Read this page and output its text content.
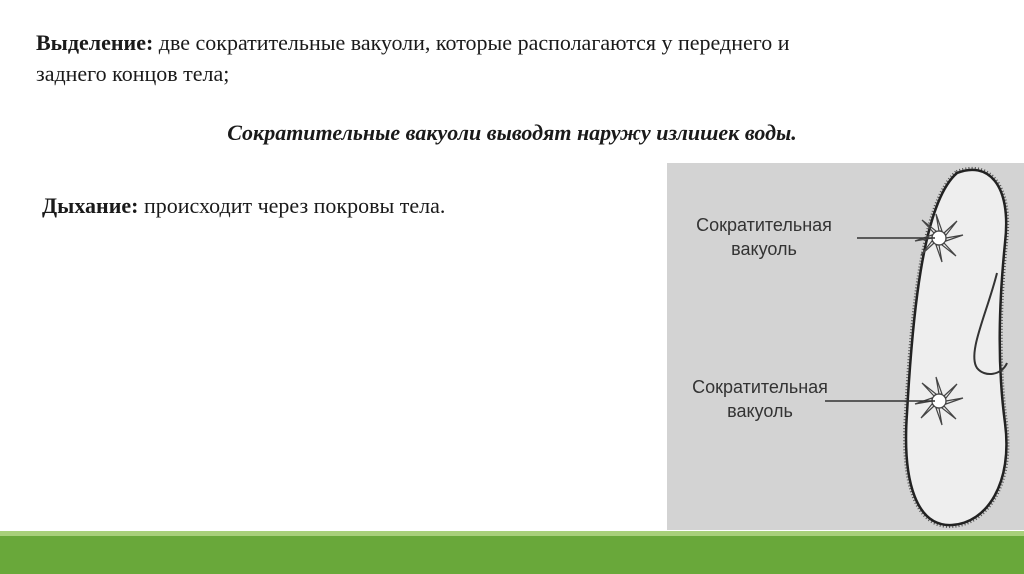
Выделение: две сократительные вакуоли, которые располагаются у переднего и
заднего концов тела;

Сократительные вакуоли выводят наружу излишек воды.

Дыхание: происходит через покровы тела.

Сократительная
вакуоль
Сократительная
вакуоль
